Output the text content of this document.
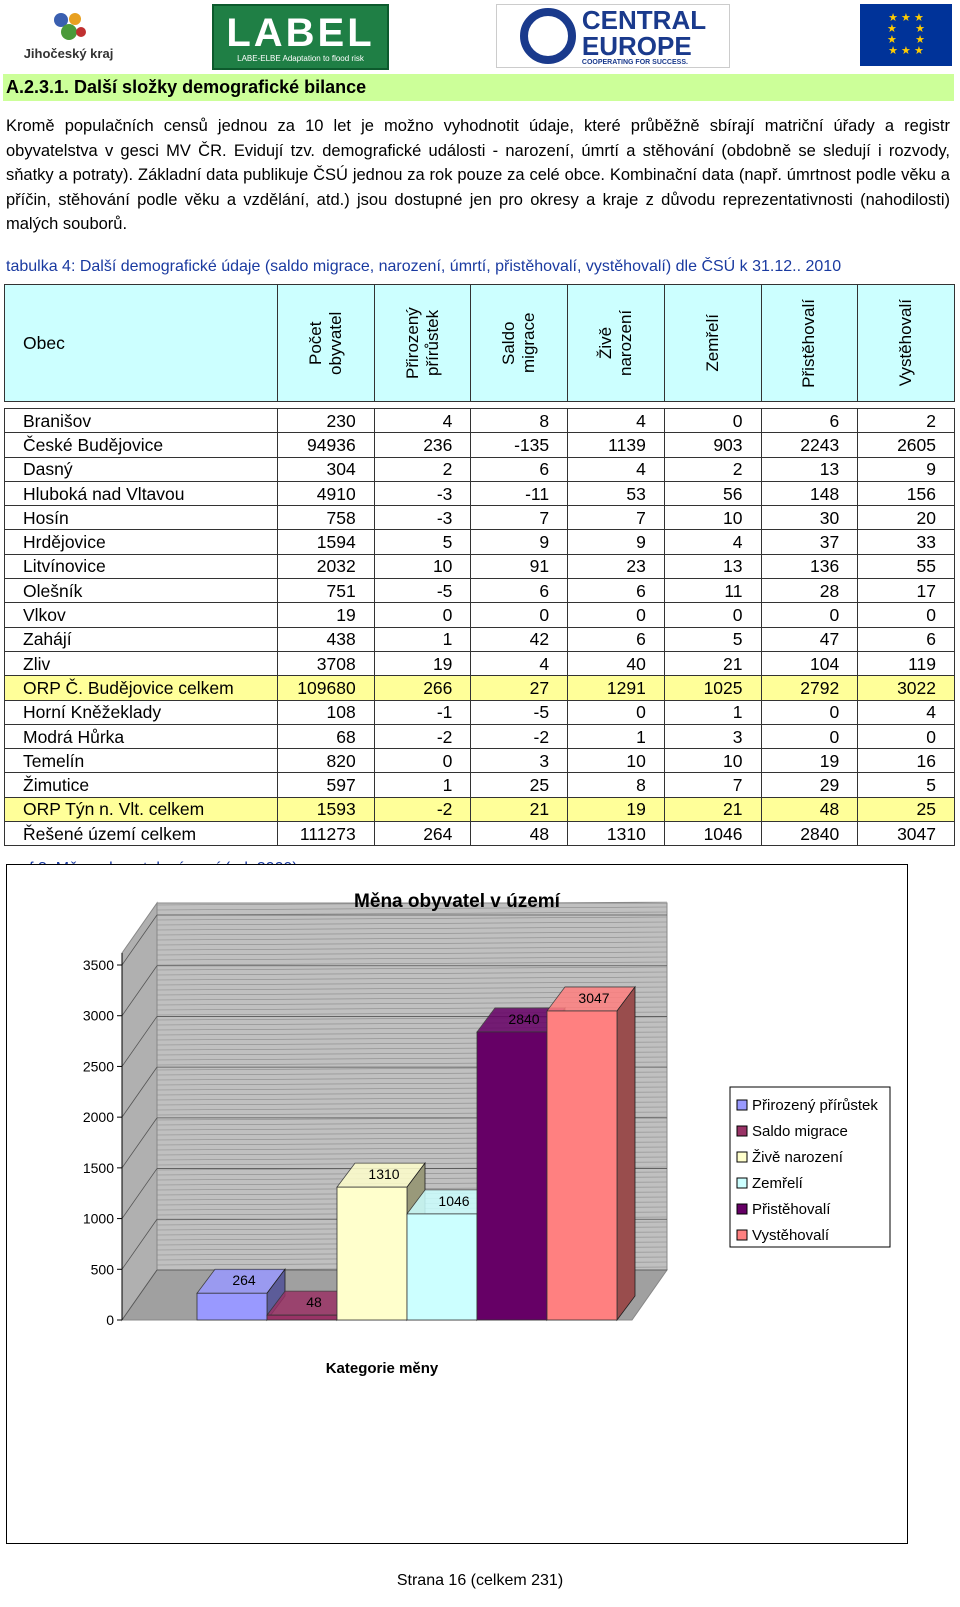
Jihočeský kraj	LABEL
LABE-ELBE Adaptation to flood risk
CENTRAL
EUROPE
COOPERATING FOR SUCCESS.
★ ★ ★
★      ★
★      ★
★ ★ ★
A.2.3.1. Další složky demografické bilance
Kromě populačních censů jednou za 10 let je možno vyhodnotit údaje, které průběžně sbírají matriční úřady a registr obyvatelstva v gesci MV ČR. Evidují tzv. demografické události - narození, úmrtí a stěhování (obdobně se sledují i rozvody, sňatky a potraty). Základní data publikuje ČSÚ jednou za rok pouze za celé obce. Kombinační data (např. úmrtnost podle věku a příčin, stěhování podle věku a vzdělání, atd.) jsou dostupné jen pro okresy a kraje z důvodu reprezentativnosti (nahodilosti) malých souborů.
tabulka 4: Další demografické údaje (saldo migrace, narození, úmrtí, přistěhovalí, vystěhovalí) dle ČSÚ k 31.12.. 2010
Obec	Počet obyvatel	Přirozený přírůstek	Saldo migrace	Živě narození	Zemřelí	Přistěhovalí	Vystěhovalí

Branišov	230	4	8	4	0	6	2
České Budějovice	94936	236	-135	1139	903	2243	2605
Dasný	304	2	6	4	2	13	9
Hluboká nad Vltavou	4910	-3	-11	53	56	148	156
Hosín	758	-3	7	7	10	30	20
Hrdějovice	1594	5	9	9	4	37	33
Litvínovice	2032	10	91	23	13	136	55
Olešník	751	-5	6	6	11	28	17
Vlkov	19	0	0	0	0	0	0
Zahájí	438	1	42	6	5	47	6
Zliv	3708	19	4	40	21	104	119
ORP Č. Budějovice celkem	109680	266	27	1291	1025	2792	3022
Horní Kněžeklady	108	-1	-5	0	1	0	4
Modrá Hůrka	68	-2	-2	1	3	0	0
Temelín	820	0	3	10	10	19	16
Žimutice	597	1	25	8	7	29	5
ORP Týn n. Vlt. celkem	1593	-2	21	19	21	48	25
Řešené území celkem	111273	264	48	1310	1046	2840	3047
0
500
1000
1500
2000
2500
3000
3500
264
48
1310
1046
2840
3047
Měna obyvatel v území
Kategorie měny
Přirozený přírůstek
Saldo migrace
Živě narození
Zemřelí
Přistěhovalí
Vystěhovalí
Strana 16 (celkem 231)
